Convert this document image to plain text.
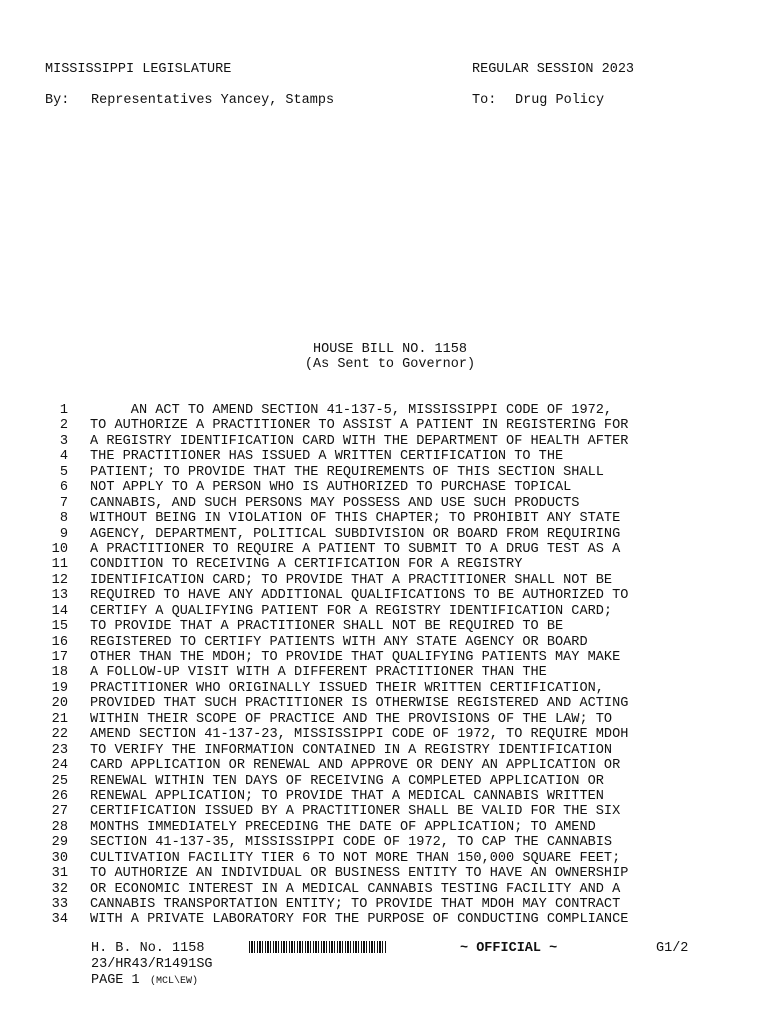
MISSISSIPPI LEGISLATURE	REGULAR SESSION 2023
By: Representatives Yancey, Stamps	To: Drug Policy
HOUSE BILL NO. 1158
(As Sent to Governor)
1 AN ACT TO AMEND SECTION 41-137-5, MISSISSIPPI CODE OF 1972,
2 TO AUTHORIZE A PRACTITIONER TO ASSIST A PATIENT IN REGISTERING FOR
3 A REGISTRY IDENTIFICATION CARD WITH THE DEPARTMENT OF HEALTH AFTER
4 THE PRACTITIONER HAS ISSUED A WRITTEN CERTIFICATION TO THE
5 PATIENT; TO PROVIDE THAT THE REQUIREMENTS OF THIS SECTION SHALL
6 NOT APPLY TO A PERSON WHO IS AUTHORIZED TO PURCHASE TOPICAL
7 CANNABIS, AND SUCH PERSONS MAY POSSESS AND USE SUCH PRODUCTS
8 WITHOUT BEING IN VIOLATION OF THIS CHAPTER; TO PROHIBIT ANY STATE
9 AGENCY, DEPARTMENT, POLITICAL SUBDIVISION OR BOARD FROM REQUIRING
10 A PRACTITIONER TO REQUIRE A PATIENT TO SUBMIT TO A DRUG TEST AS A
11 CONDITION TO RECEIVING A CERTIFICATION FOR A REGISTRY
12 IDENTIFICATION CARD; TO PROVIDE THAT A PRACTITIONER SHALL NOT BE
13 REQUIRED TO HAVE ANY ADDITIONAL QUALIFICATIONS TO BE AUTHORIZED TO
14 CERTIFY A QUALIFYING PATIENT FOR A REGISTRY IDENTIFICATION CARD;
15 TO PROVIDE THAT A PRACTITIONER SHALL NOT BE REQUIRED TO BE
16 REGISTERED TO CERTIFY PATIENTS WITH ANY STATE AGENCY OR BOARD
17 OTHER THAN THE MDOH; TO PROVIDE THAT QUALIFYING PATIENTS MAY MAKE
18 A FOLLOW-UP VISIT WITH A DIFFERENT PRACTITIONER THAN THE
19 PRACTITIONER WHO ORIGINALLY ISSUED THEIR WRITTEN CERTIFICATION,
20 PROVIDED THAT SUCH PRACTITIONER IS OTHERWISE REGISTERED AND ACTING
21 WITHIN THEIR SCOPE OF PRACTICE AND THE PROVISIONS OF THE LAW; TO
22 AMEND SECTION 41-137-23, MISSISSIPPI CODE OF 1972, TO REQUIRE MDOH
23 TO VERIFY THE INFORMATION CONTAINED IN A REGISTRY IDENTIFICATION
24 CARD APPLICATION OR RENEWAL AND APPROVE OR DENY AN APPLICATION OR
25 RENEWAL WITHIN TEN DAYS OF RECEIVING A COMPLETED APPLICATION OR
26 RENEWAL APPLICATION; TO PROVIDE THAT A MEDICAL CANNABIS WRITTEN
27 CERTIFICATION ISSUED BY A PRACTITIONER SHALL BE VALID FOR THE SIX
28 MONTHS IMMEDIATELY PRECEDING THE DATE OF APPLICATION; TO AMEND
29 SECTION 41-137-35, MISSISSIPPI CODE OF 1972, TO CAP THE CANNABIS
30 CULTIVATION FACILITY TIER 6 TO NOT MORE THAN 150,000 SQUARE FEET;
31 TO AUTHORIZE AN INDIVIDUAL OR BUSINESS ENTITY TO HAVE AN OWNERSHIP
32 OR ECONOMIC INTEREST IN A MEDICAL CANNABIS TESTING FACILITY AND A
33 CANNABIS TRANSPORTATION ENTITY; TO PROVIDE THAT MDOH MAY CONTRACT
34 WITH A PRIVATE LABORATORY FOR THE PURPOSE OF CONDUCTING COMPLIANCE
H. B. No. 1158	~ OFFICIAL ~	G1/2
23/HR43/R1491SG
PAGE 1 (MCL\EW)
